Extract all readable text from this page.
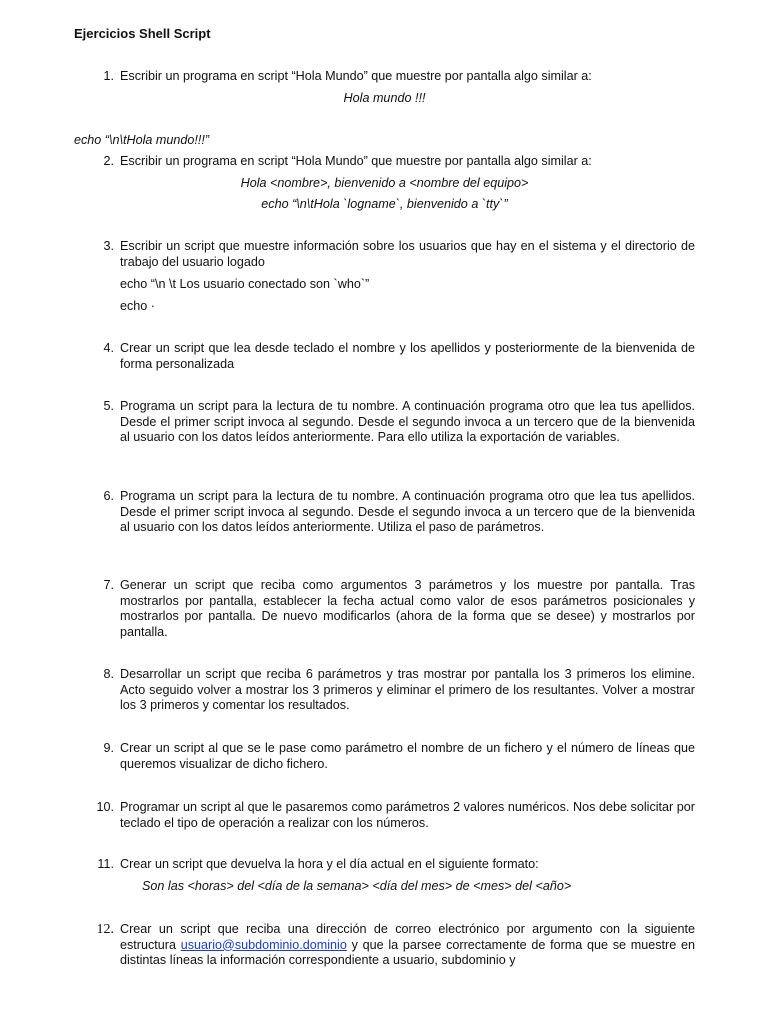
Ejercicios Shell Script
1. Escribir un programa en script “Hola Mundo” que muestre por pantalla algo similar a:
Hola mundo !!!
echo “\n\tHola mundo!!!”
2. Escribir un programa en script “Hola Mundo” que muestre por pantalla algo similar a:
Hola <nombre>, bienvenido a <nombre del equipo>
echo “\n\tHola `logname`, bienvenido a `tty`”
3. Escribir un script que muestre información sobre los usuarios que hay en el sistema y el directorio de trabajo del usuario logado
echo “\n \t Los usuario conectado son `who`”
echo ·
4. Crear un script que lea desde teclado el nombre y los apellidos y posteriormente de la bienvenida de forma personalizada
5. Programa un script para la lectura de tu nombre. A continuación programa otro que lea tus apellidos. Desde el primer script invoca al segundo. Desde el segundo invoca a un tercero que de la bienvenida al usuario con los datos leídos anteriormente. Para ello utiliza la exportación de variables.
6. Programa un script para la lectura de tu nombre. A continuación programa otro que lea tus apellidos. Desde el primer script invoca al segundo. Desde el segundo invoca a un tercero que de la bienvenida al usuario con los datos leídos anteriormente. Utiliza el paso de parámetros.
7. Generar un script que reciba como argumentos 3 parámetros y los muestre por pantalla. Tras mostrarlos por pantalla, establecer la fecha actual como valor de esos parámetros posicionales y mostrarlos por pantalla. De nuevo modificarlos (ahora de la forma que se desee) y mostrarlos por pantalla.
8. Desarrollar un script que reciba 6 parámetros y tras mostrar por pantalla los 3 primeros los elimine. Acto seguido volver a mostrar los 3 primeros y eliminar el primero de los resultantes. Volver a mostrar los 3 primeros y comentar los resultados.
9. Crear un script al que se le pase como parámetro el nombre de un fichero y el número de líneas que queremos visualizar de dicho fichero.
10. Programar un script al que le pasaremos como parámetros 2 valores numéricos. Nos debe solicitar por teclado el tipo de operación a realizar con los números.
11. Crear un script que devuelva la hora y el día actual en el siguiente formato:
Son las <horas> del <día de la semana> <día del mes> de <mes> del <año>
12. Crear un script que reciba una dirección de correo electrónico por argumento con la siguiente estructura usuario@subdominio.dominio y que la parsee correctamente de forma que se muestre en distintas líneas la información correspondiente a usuario, subdominio y
